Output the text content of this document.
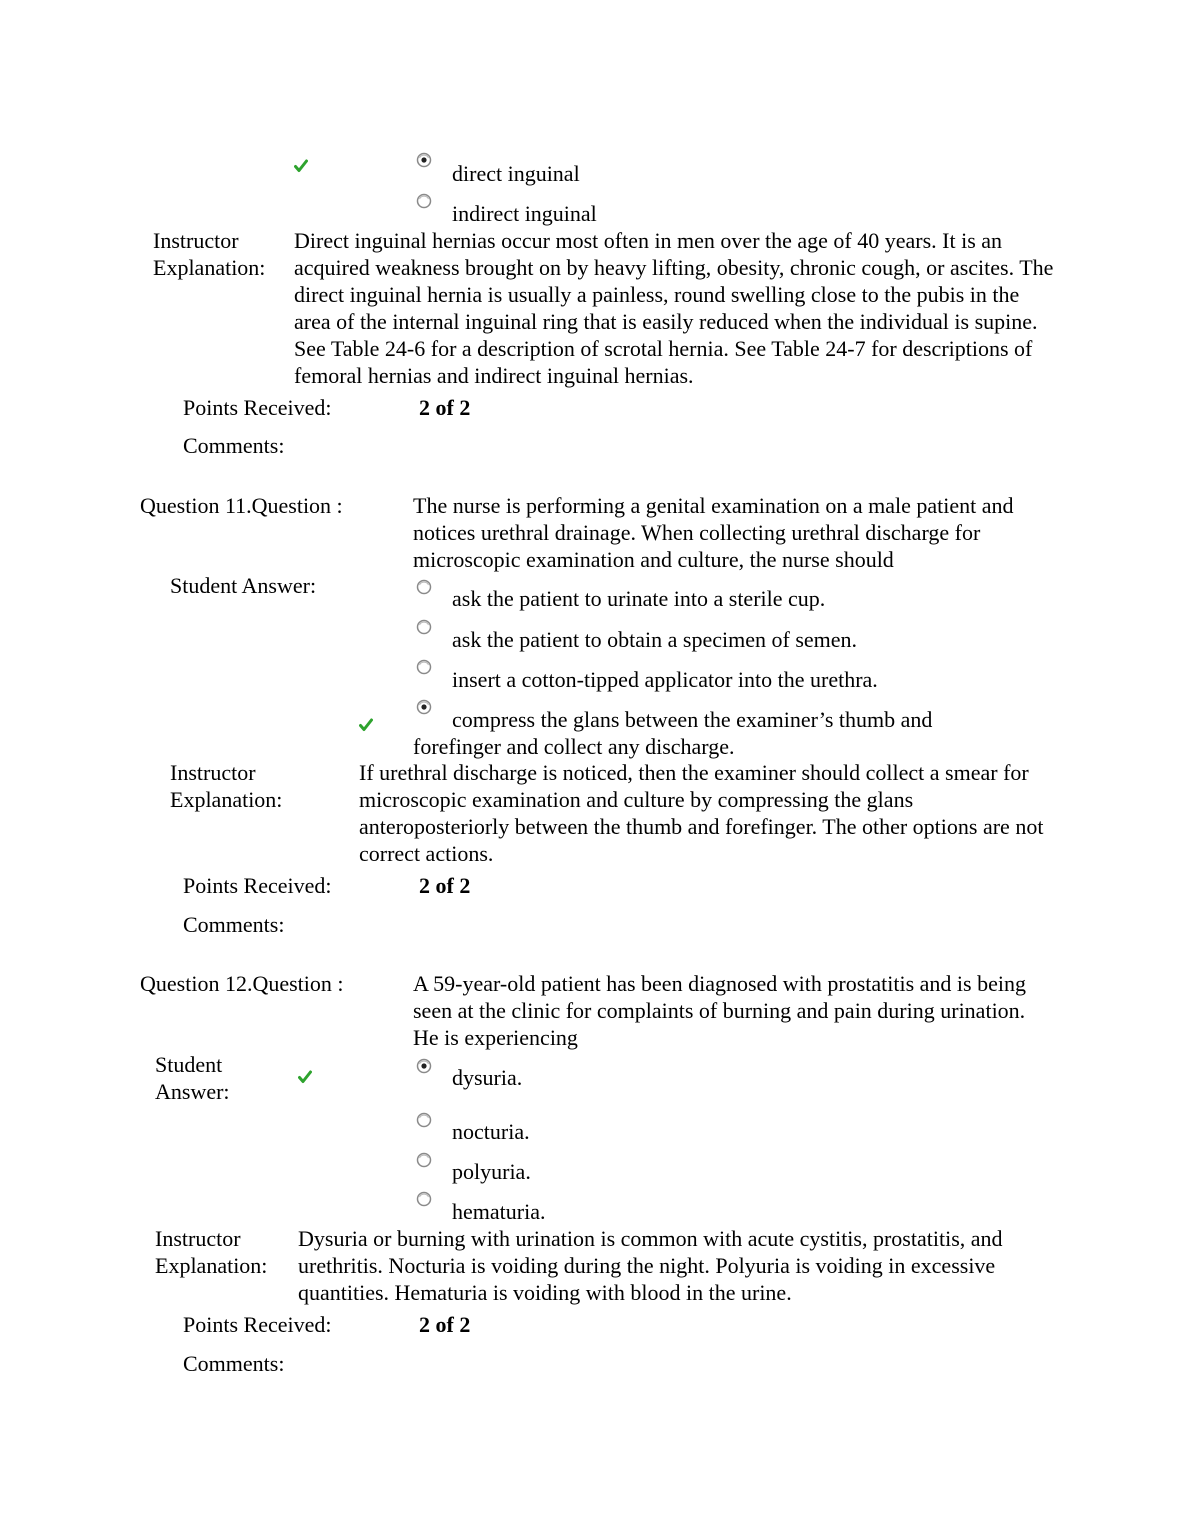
direct inguinal
indirect inguinal
Instructor
Explanation:
Direct inguinal hernias occur most often in men over the age of 40 years. It is an acquired weakness brought on by heavy lifting, obesity, chronic cough, or ascites. The direct inguinal hernia is usually a painless, round swelling close to the pubis in the area of the internal inguinal ring that is easily reduced when the individual is supine. See Table 24-6 for a description of scrotal hernia. See Table 24-7 for descriptions of femoral hernias and indirect inguinal hernias.
Points Received:	2 of 2
Comments:
Question 11.Question :	The nurse is performing a genital examination on a male patient and notices urethral drainage. When collecting urethral discharge for microscopic examination and culture, the nurse should
Student Answer:
ask the patient to urinate into a sterile cup.
ask the patient to obtain a specimen of semen.
insert a cotton-tipped applicator into the urethra.
compress the glans between the examiner’s thumb and forefinger and collect any discharge.
Instructor
Explanation:
If urethral discharge is noticed, then the examiner should collect a smear for microscopic examination and culture by compressing the glans anteroposteriorly between the thumb and forefinger. The other options are not correct actions.
Points Received:	2 of 2
Comments:
Question 12.Question :	A 59-year-old patient has been diagnosed with prostatitis and is being seen at the clinic for complaints of burning and pain during urination. He is experiencing
Student
Answer:
dysuria.
nocturia.
polyuria.
hematuria.
Instructor
Explanation:
Dysuria or burning with urination is common with acute cystitis, prostatitis, and urethritis. Nocturia is voiding during the night. Polyuria is voiding in excessive quantities. Hematuria is voiding with blood in the urine.
Points Received:	2 of 2
Comments:
